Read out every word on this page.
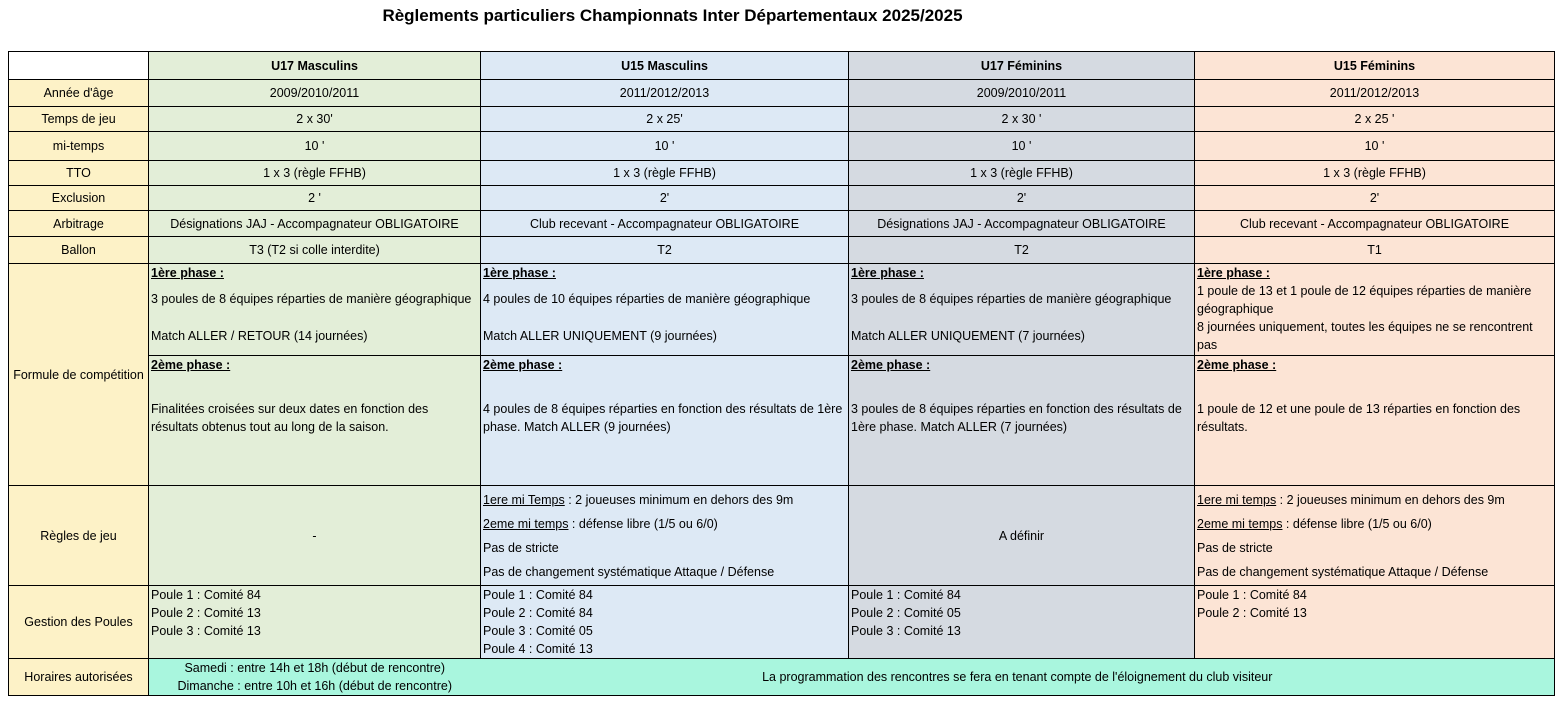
Règlements particuliers Championnats Inter Départementaux 2025/2025
	U17 Masculins	U15 Masculins	U17 Féminins	U15 Féminins
Année d'âge	2009/2010/2011	2011/2012/2013	2009/2010/2011	2011/2012/2013
Temps de jeu	2 x 30'	2 x 25'	2 x 30 '	2 x 25 '
mi-temps	10 '	10 '	10 '	10 '
TTO	1 x 3 (règle FFHB)	1 x 3 (règle FFHB)	1 x 3 (règle FFHB)	1 x 3 (règle FFHB)
Exclusion	2 '	2'	2'	2'
Arbitrage	Désignations JAJ - Accompagnateur OBLIGATOIRE	Club recevant - Accompagnateur OBLIGATOIRE	Désignations JAJ - Accompagnateur OBLIGATOIRE	Club recevant - Accompagnateur OBLIGATOIRE
Ballon	T3 (T2 si colle interdite)	T2	T2	T1
Formule de compétition	1ère phase :
3 poules de 8 équipes réparties de manière géographique
Match ALLER / RETOUR (14 journées)	1ère phase :
4 poules de 10 équipes réparties de manière géographique
Match ALLER UNIQUEMENT (9 journées)	1ère phase :
3 poules de 8 équipes réparties de manière géographique
Match ALLER UNIQUEMENT (7 journées)	1ère phase :
1 poule de 13 et 1 poule de 12 équipes réparties de manière géographique
8 journées uniquement, toutes les équipes ne se rencontrent pas

	2ème phase :
Finalitées croisées sur deux dates en fonction des résultats obtenus tout au long de la saison.	2ème phase :
4 poules de 8 équipes réparties en fonction des résultats de 1ère phase. Match ALLER (9 journées)	2ème phase :
3 poules de 8 équipes réparties en fonction des résultats de 1ère phase. Match ALLER (7 journées)	2ème phase :
1 poule de 12 et une poule de 13 réparties en fonction des résultats.

Règles de jeu	-	1ere mi Temps : 2 joueuses minimum en dehors des 9m
2eme mi temps : défense libre (1/5 ou 6/0)
Pas de stricte
Pas de changement systématique Attaque / Défense	A définir	1ere mi temps : 2 joueuses minimum en dehors des 9m
2eme mi temps : défense libre (1/5 ou 6/0)
Pas de stricte
Pas de changement systématique Attaque / Défense

Gestion des Poules	Poule 1 : Comité 84
Poule 2 : Comité 13
Poule 3 : Comité 13	Poule 1 : Comité 84
Poule 2 : Comité 84
Poule 3 : Comité 05
Poule 4 : Comité 13	Poule 1 : Comité 84
Poule 2 : Comité 05
Poule 3 : Comité 13	Poule 1 : Comité 84
Poule 2 : Comité 13

Horaires autorisées	Samedi : entre 14h et 18h (début de rencontre)
Dimanche : entre 10h et 16h (début de rencontre)	La programmation des rencontres se fera en tenant compte de l'éloignement du club visiteur		
